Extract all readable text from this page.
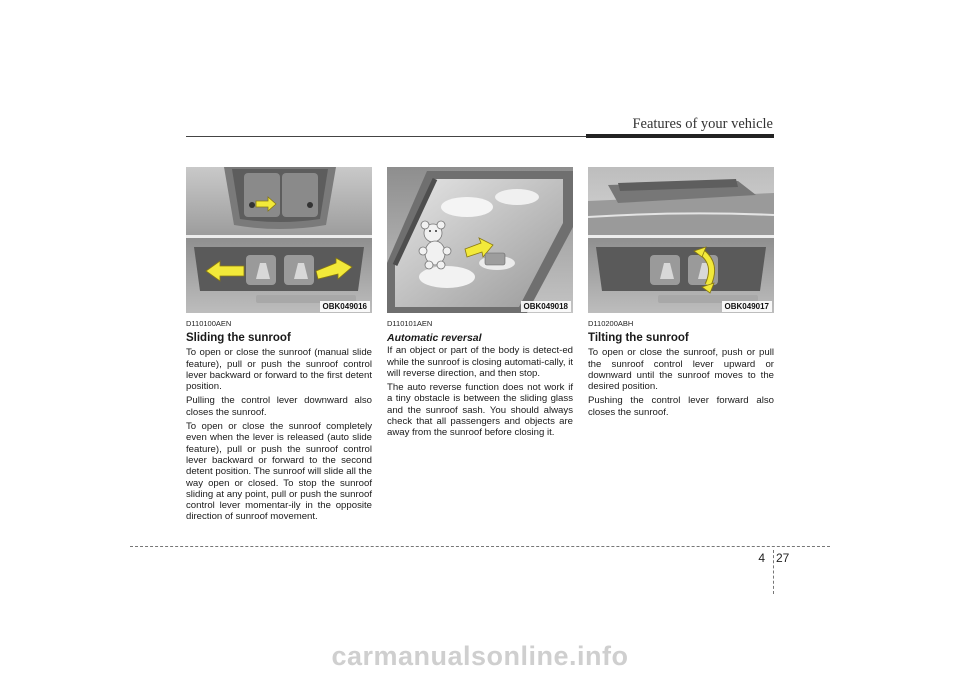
Features of your vehicle
OBK049016	OBK049018	OBK049017
D110100AEN
Sliding the sunroof

To open or close the sunroof (manual slide feature), pull or push the sunroof control lever backward or forward to the first detent position.

Pulling the control lever downward also closes the sunroof.

To open or close the sunroof completely even when the lever is released (auto slide feature), pull or push the sunroof control lever backward or forward to the second detent position. The sunroof will slide all the way open or closed. To stop the sunroof sliding at any point, pull or push the sunroof control lever momentar-ily in the opposite direction of sunroof movement.

D110101AEN
Automatic reversal

If an object or part of the body is detect-ed while the sunroof is closing automati-cally, it will reverse direction, and then stop.

The auto reverse function does not work if a tiny obstacle is between the sliding glass and the sunroof sash. You should always check that all passengers and objects are away from the sunroof before closing it.

D110200ABH
Tilting the sunroof

To open or close the sunroof, push or pull the sunroof control lever upward or downward until the sunroof moves to the desired position.

Pushing the control lever forward also closes the sunroof.

4 27
carmanualsonline.info
